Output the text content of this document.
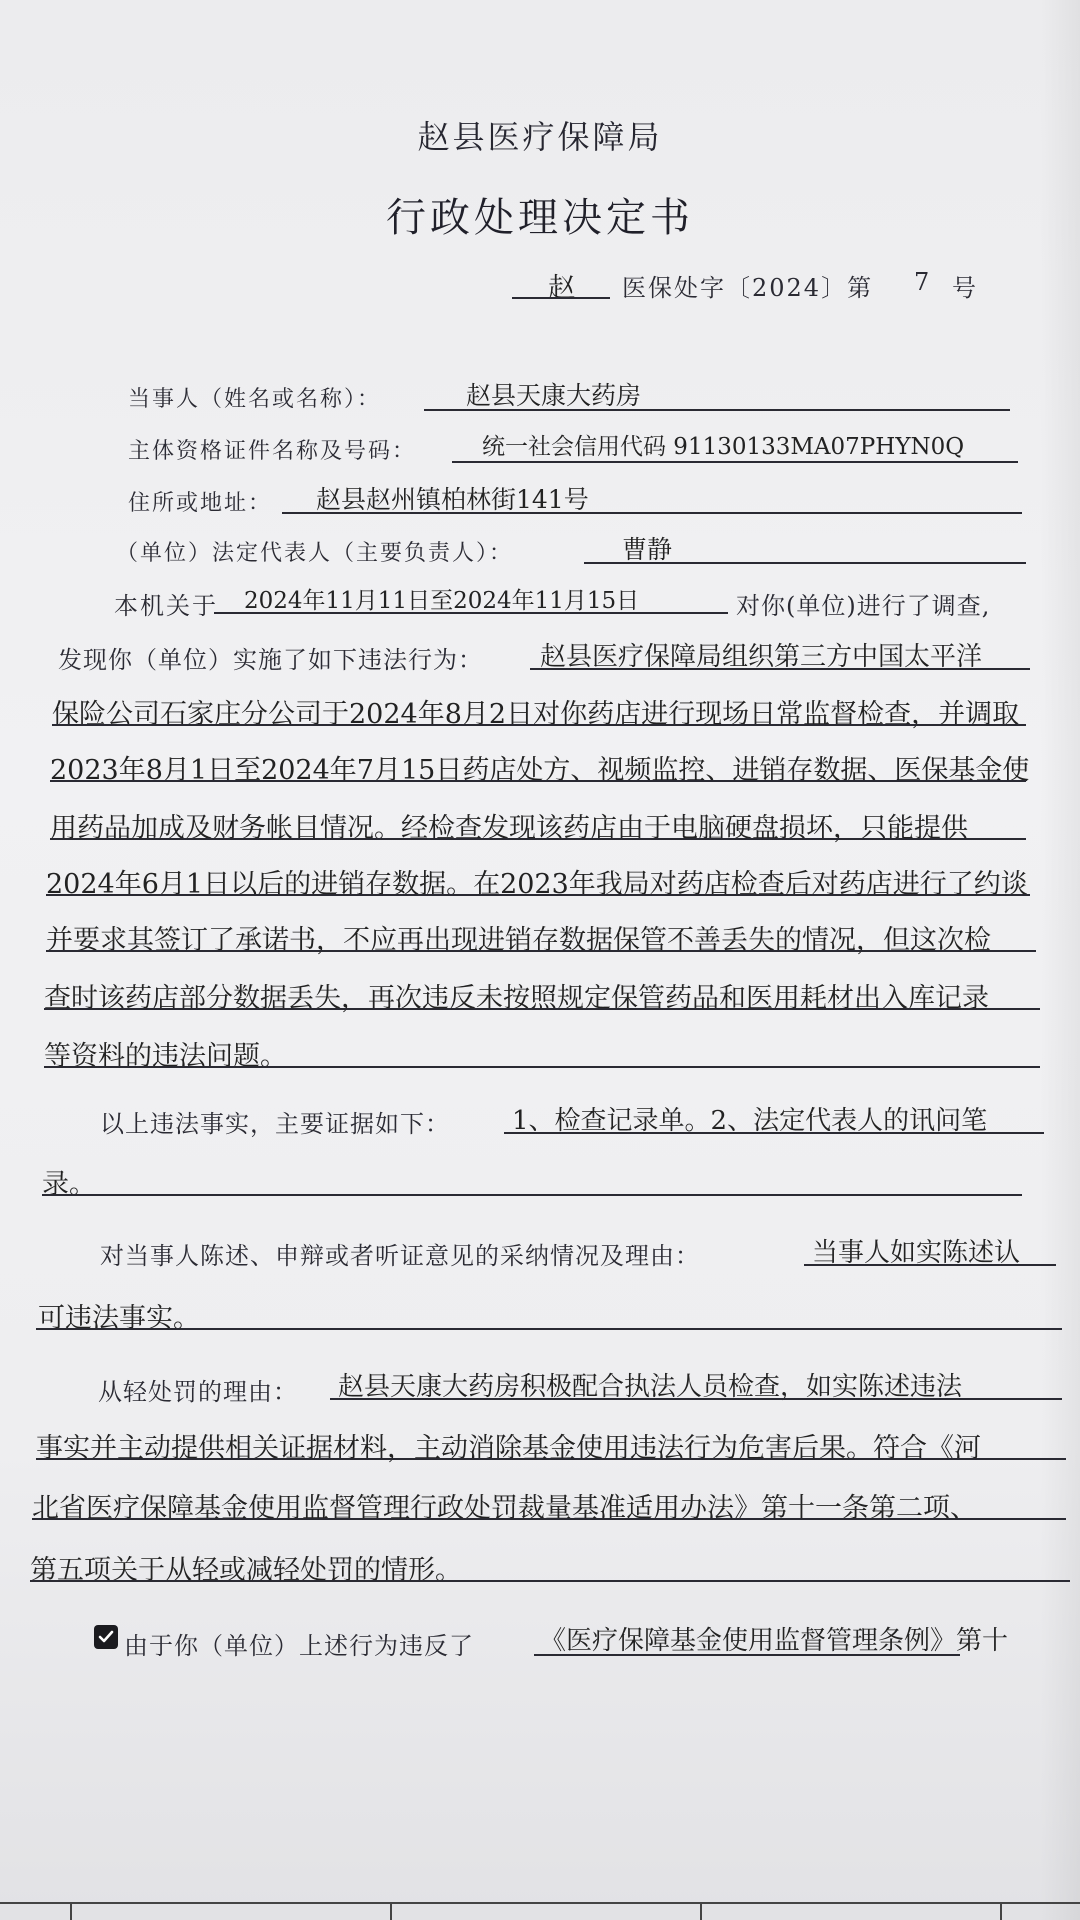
赵县医疗保障局
行政处理决定书
赵 医保处字〔2024〕第 7 号
当事人（姓名或名称）：	赵县天康大药房
主体资格证件名称及号码：	统一社会信用代码 91130133MA07PHYN0Q
住所或地址： 赵县赵州镇柏林街141号
（单位）法定代表人（主要负责人）：	曹静
本机关于 2024年11月11日至2024年11月15日	对你(单位)进行了调查,
发现你（单位）实施了如下违法行为： 赵县医疗保障局组织第三方中国太平洋
保险公司石家庄分公司于2024年8月2日对你药店进行现场日常监督检查，并调取
2023年8月1日至2024年7月15日药店处方、视频监控、进销存数据、医保基金使
用药品加成及财务帐目情况。经检查发现该药店由于电脑硬盘损坏，只能提供
2024年6月1日以后的进销存数据。在2023年我局对药店检查后对药店进行了约谈
并要求其签订了承诺书，不应再出现进销存数据保管不善丢失的情况，但这次检
查时该药店部分数据丢失，再次违反未按照规定保管药品和医用耗材出入库记录
等资料的违法问题。
以上违法事实，主要证据如下： 1、检查记录单。2、法定代表人的讯问笔
录。
对当事人陈述、申辩或者听证意见的采纳情况及理由：	当事人如实陈述认
可违法事实。
从轻处罚的理由： 赵县天康大药房积极配合执法人员检查，如实陈述违法
事实并主动提供相关证据材料，主动消除基金使用违法行为危害后果。符合《河
北省医疗保障基金使用监督管理行政处罚裁量基准适用办法》第十一条第二项、
第五项关于从轻或减轻处罚的情形。
由于你（单位）上述行为违反了	《医疗保障基金使用监督管理条例》第十
